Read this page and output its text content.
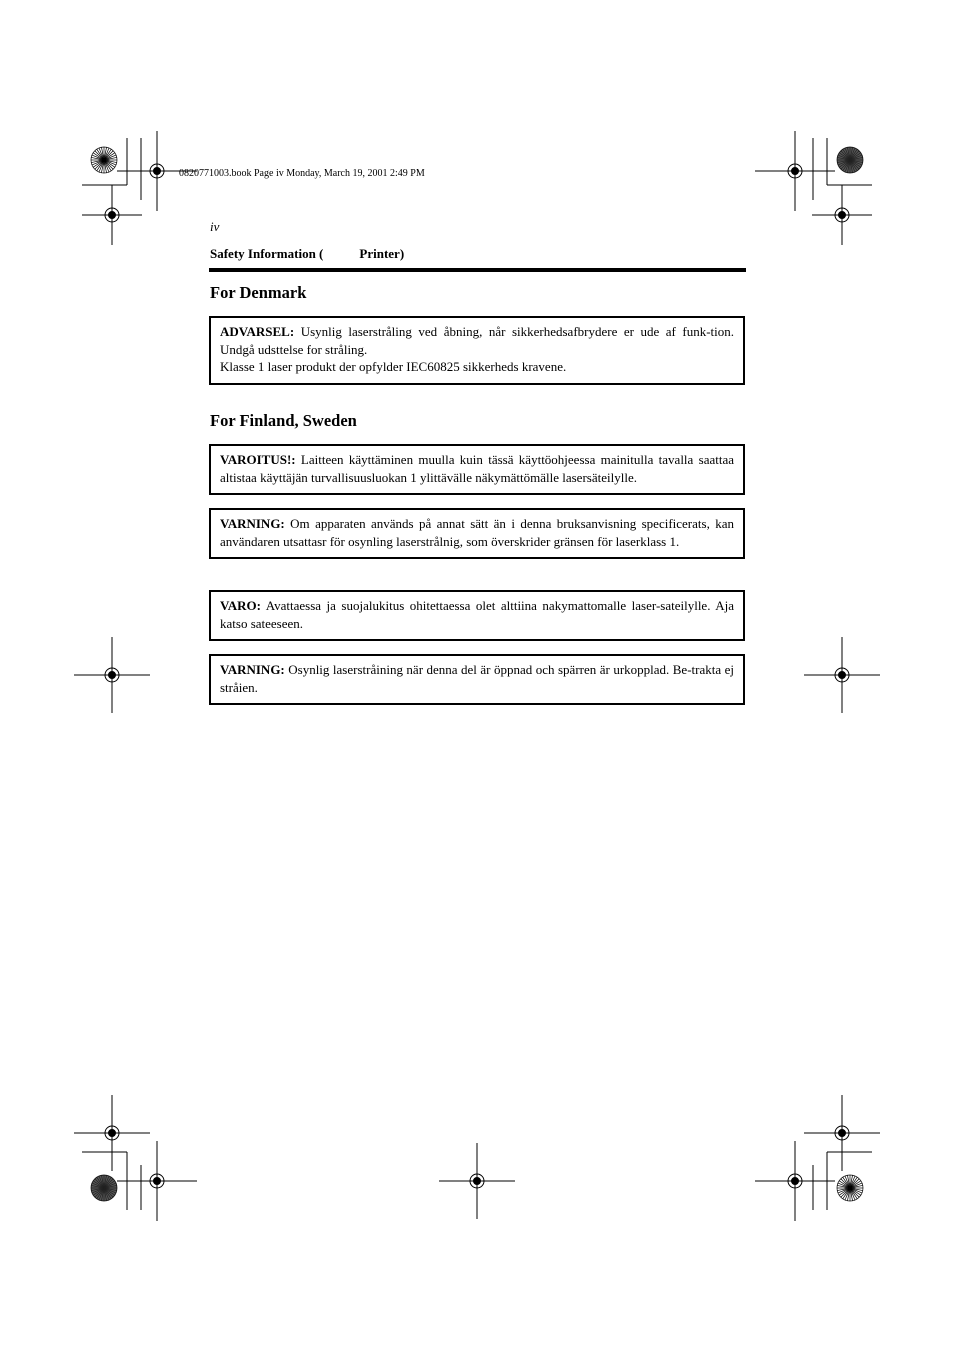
0820771003.book Page iv Monday, March 19, 2001 2:49 PM
iv
Safety Information (	Printer)
For Denmark
ADVARSEL: Usynlig laserstråling ved åbning, når sikkerhedsafbrydere er ude af funk-tion. Undgå udsttelse for stråling.
Klasse 1 laser produkt der opfylder IEC60825 sikkerheds kravene.
For Finland, Sweden
VAROITUS!: Laitteen käyttäminen muulla kuin tässä käyttöohjeessa mainitulla tavalla saattaa altistaa käyttäjän turvallisuusluokan 1 ylittävälle näkymättömälle lasersäteilylle.
VARNING: Om apparaten används på annat sätt än i denna bruksanvisning specificerats, kan användaren utsattasr för osynling laserstrålnig, som överskrider gränsen för laserklass 1.
VARO: Avattaessa ja suojalukitus ohitettaessa olet alttiina nakymattomalle laser-sateilylle. Aja katso sateeseen.
VARNING: Osynlig laserstråining när denna del är öppnad och spärren är urkopplad. Be-trakta ej stråien.
